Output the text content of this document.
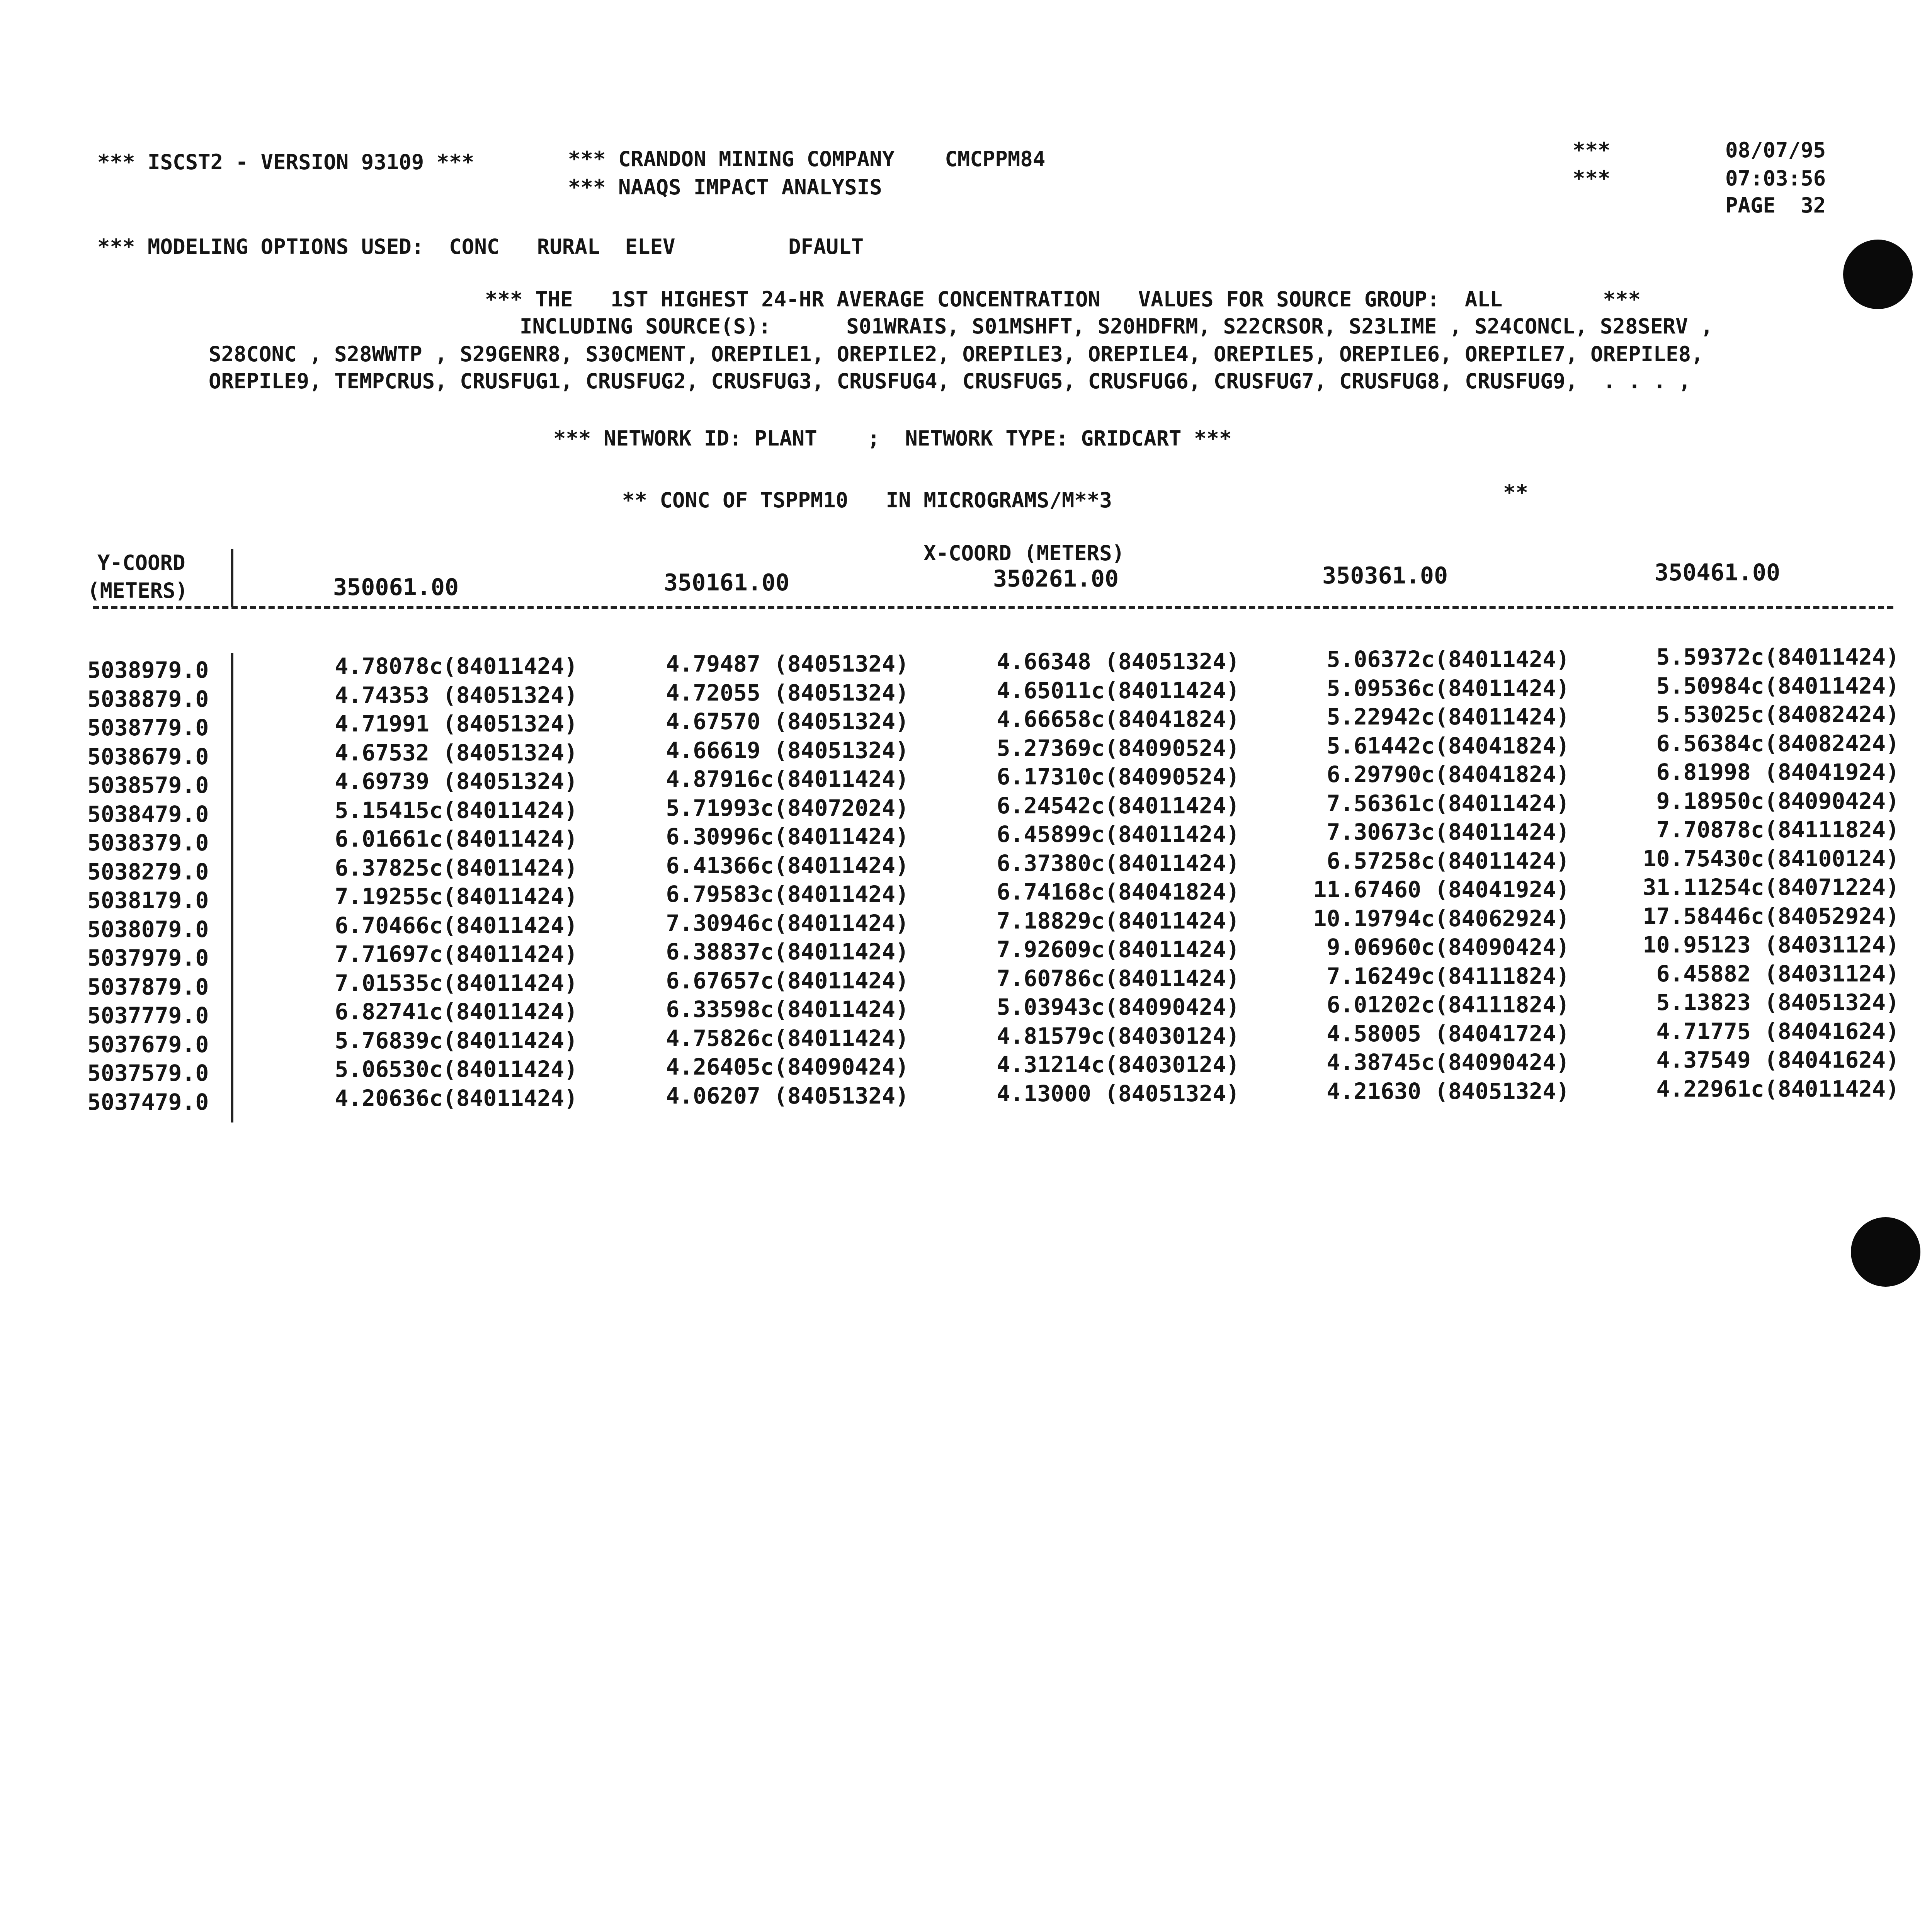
*** ISCST2 - VERSION 93109 ***	*** CRANDON MINING COMPANY    CMCPPM84
*** NAAQS IMPACT ANALYSIS
***
***
08/07/95
07:03:56
PAGE  32
*** MODELING OPTIONS USED:  CONC   RURAL  ELEV         DFAULT
*** THE   1ST HIGHEST 24-HR AVERAGE CONCENTRATION   VALUES FOR SOURCE GROUP:  ALL        ***
INCLUDING SOURCE(S):      S01WRAIS, S01MSHFT, S20HDFRM, S22CRSOR, S23LIME , S24CONCL, S28SERV ,
S28CONC , S28WWTP , S29GENR8, S30CMENT, OREPILE1, OREPILE2, OREPILE3, OREPILE4, OREPILE5, OREPILE6, OREPILE7, OREPILE8,
OREPILE9, TEMPCRUS, CRUSFUG1, CRUSFUG2, CRUSFUG3, CRUSFUG4, CRUSFUG5, CRUSFUG6, CRUSFUG7, CRUSFUG8, CRUSFUG9,  . . . ,
*** NETWORK ID: PLANT    ;  NETWORK TYPE: GRIDCART ***
** CONC OF TSPPM10   IN MICROGRAMS/M**3	**
Y-COORD
(METERS)
X-COORD (METERS)
350061.00	350161.00	350261.00	350361.00	350461.00
5038979.0	4.78078c(84011424)	4.79487 (84051324)	4.66348 (84051324)	5.06372c(84011424)	5.59372c(84011424)
5038879.0	4.74353 (84051324)	4.72055 (84051324)	4.65011c(84011424)	5.09536c(84011424)	5.50984c(84011424)
5038779.0	4.71991 (84051324)	4.67570 (84051324)	4.66658c(84041824)	5.22942c(84011424)	5.53025c(84082424)
5038679.0	4.67532 (84051324)	4.66619 (84051324)	5.27369c(84090524)	5.61442c(84041824)	6.56384c(84082424)
5038579.0	4.69739 (84051324)	4.87916c(84011424)	6.17310c(84090524)	6.29790c(84041824)	6.81998 (84041924)
5038479.0	5.15415c(84011424)	5.71993c(84072024)	6.24542c(84011424)	7.56361c(84011424)	9.18950c(84090424)
5038379.0	6.01661c(84011424)	6.30996c(84011424)	6.45899c(84011424)	7.30673c(84011424)	7.70878c(84111824)
5038279.0	6.37825c(84011424)	6.41366c(84011424)	6.37380c(84011424)	6.57258c(84011424)	10.75430c(84100124)
5038179.0	7.19255c(84011424)	6.79583c(84011424)	6.74168c(84041824)	11.67460 (84041924)	31.11254c(84071224)
5038079.0	6.70466c(84011424)	7.30946c(84011424)	7.18829c(84011424)	10.19794c(84062924)	17.58446c(84052924)
5037979.0	7.71697c(84011424)	6.38837c(84011424)	7.92609c(84011424)	9.06960c(84090424)	10.95123 (84031124)
5037879.0	7.01535c(84011424)	6.67657c(84011424)	7.60786c(84011424)	7.16249c(84111824)	6.45882 (84031124)
5037779.0	6.82741c(84011424)	6.33598c(84011424)	5.03943c(84090424)	6.01202c(84111824)	5.13823 (84051324)
5037679.0	5.76839c(84011424)	4.75826c(84011424)	4.81579c(84030124)	4.58005 (84041724)	4.71775 (84041624)
5037579.0	5.06530c(84011424)	4.26405c(84090424)	4.31214c(84030124)	4.38745c(84090424)	4.37549 (84041624)
5037479.0	4.20636c(84011424)	4.06207 (84051324)	4.13000 (84051324)	4.21630 (84051324)	4.22961c(84011424)
